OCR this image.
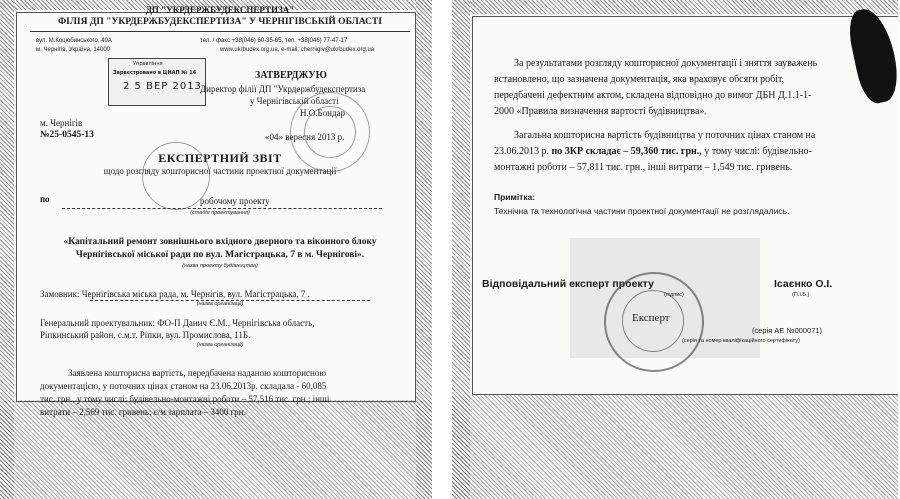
ДП "УКРДЕРЖБУДЕКСПЕРТИЗА"
ФІЛІЯ ДП "УКРДЕРЖБУДЕКСПЕРТИЗА" У ЧЕРНІГІВСЬКІЙ ОБЛАСТІ
вул. М.Коцюбинського, 49А	тел. / факс +38(046) 60-35-65, тел. +38(046) 77-47-17
м. Чернігів, Україна, 14000	www.ukrbudex.org.ua, e-mail: chernigiv@ukrbudex.org.ua
Управління
Зареєстровано в ЦНАП № 14
2 5 ВЕР 2013
ЗАТВЕРДЖУЮ
Директор філії ДП "Укрдержбудекспертиза
у Чернігівській області
Н.О.Бондар
м. Чернігів
№25-0545-13	«04» вересня 2013 р.
ЕКСПЕРТНИЙ ЗВІТ
щодо розгляду кошторисної частини проектної документації
по	робочому проекту
(стадія проектування)
«Капітальний ремонт зовнішнього вхідного дверного та віконного блоку
Чернігівської міської ради по вул. Магістрацька, 7 в м. Чернігові».
(назва проекту будівництва)
Замовник: Чернігівська міська рада, м. Чернігів, вул. Магістрацька, 7 .
(назва організації)
Генеральний проектувальник: ФО-П Данич Є.М., Чернігівська область,
Ріпкинський район, с.м.т. Ріпки, вул. Промислова, 11Б.
(назва організації)
Заявлена кошторисна вартість, передбачена наданою кошторисною
документацією, у поточних цінах станом на 23.06.2013р. складала - 60,085
тис. грн., у тому числі: будівельно-монтажні роботи – 57,516 тис. грн.; інші
витрати – 2,569 тис. гривень; с/м зарплата – 3400 грн.
За результатами розгляду кошторисної документації і зняття зауважень
встановлено, що зазначена документація, яка враховує обсяги робіт,
передбачені дефектним актом, складена відповідно до вимог ДБН Д.1.1-1-
2000 «Правила визначення вартості будівництва».
Загальна кошторисна вартість будівництва у поточних цінах станом на
23.06.2013 р. по 3КР складає – 59,360 тис. грн., у тому числі: будівельно-
монтажні роботи – 57,811 тис. грн., інші витрати – 1,549 тис. гривень.
Примітка:
Технічна та технологічна частини проектної документації не розглядались.
Відповідальний експерт проекту	Ісаєнко О.І.
(підпис)	(П.І.Б.)
Експерт
(серія АЕ №000071)
(серія та номер кваліфікаційного сертифікату)
